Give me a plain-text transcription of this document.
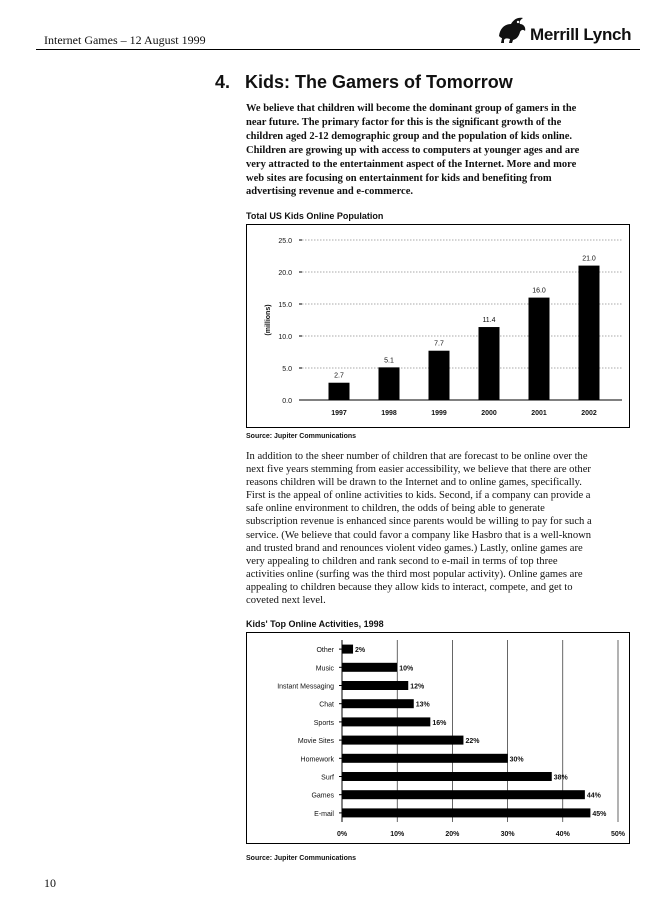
Internet Games – 12 August 1999	Merrill Lynch
4. Kids: The Gamers of Tomorrow
We believe that children will become the dominant group of gamers in the
near future. The primary factor for this is the significant growth of the
children aged 2-12 demographic group and the population of kids online.
Children are growing up with access to computers at younger ages and are
very attracted to the entertainment aspect of the Internet. More and more
web sites are focusing on entertainment for kids and benefiting from
advertising revenue and e-commerce.
Total US Kids Online Population
0.0
5.0
10.0
15.0
20.0
25.0
(millions)
2.7
1997
5.1
1998
7.7
1999
11.4
2000
16.0
2001
21.0
2002
Source: Jupiter Communications
In addition to the sheer number of children that are forecast to be online over the
next five years stemming from easier accessibility, we believe that there are other
reasons children will be drawn to the Internet and to online games, specifically.
First is the appeal of online activities to kids. Second, if a company can provide a
safe online environment to children, the odds of being able to generate
subscription revenue is enhanced since parents would be willing to pay for such a
service. (We believe that could favor a company like Hasbro that is a well-known
and trusted brand and renounces violent video games.) Lastly, online games are
very appealing to children and rank second to e-mail in terms of top three
activities online (surfing was the third most popular activity). Online games are
appealing to children because they allow kids to interact, compete, and get to
coveted next level.
Kids' Top Online Activities, 1998
0%	10%	20%	30%	40%	50%
2%
Other
10%
Music
12%
Instant Messaging
13%
Chat
16%
Sports
22%
Movie Sites
30%
Homework
38%
Surf
44%
Games
45%
E-mail
Source: Jupiter Communications
10
